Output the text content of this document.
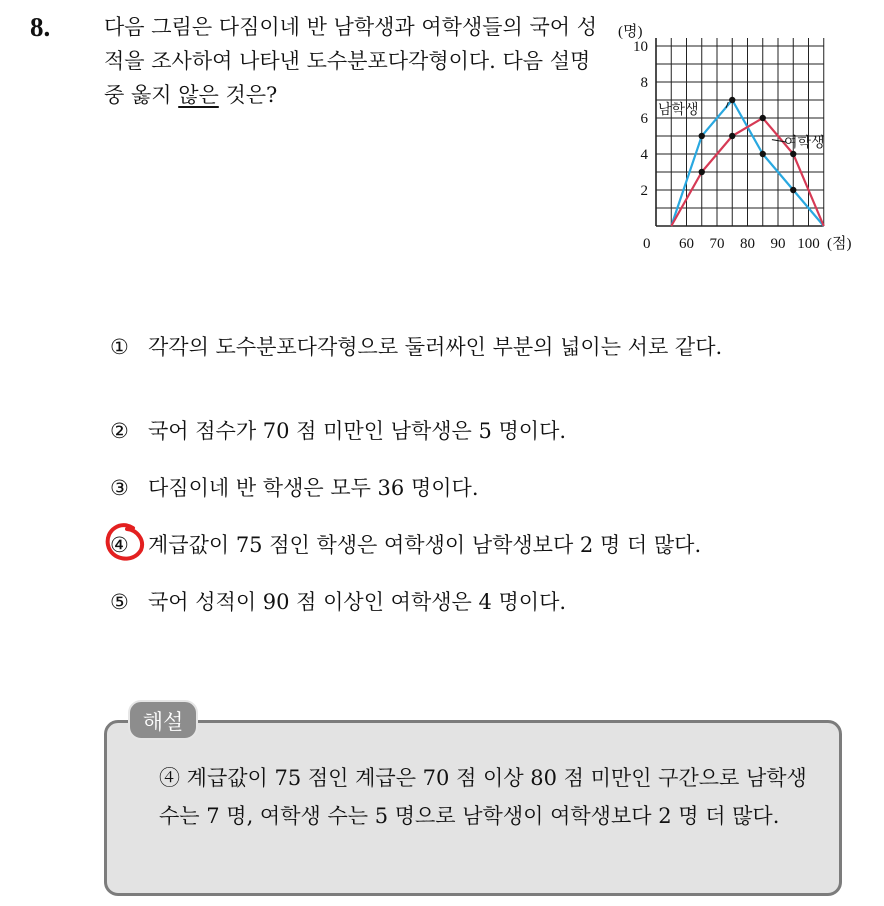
8.	다음 그림은 다짐이네 반 남학생과 여학생들의 국어 성적을 조사하여 나타낸 도수분포다각형이다. 다음 설명 중 옳지 않은 것은?

(명)
(점)
0
2
4
6
8
10
60 70 80 90 100
남학생
여학생
① 각각의 도수분포다각형으로 둘러싸인 부분의 넓이는 서로 같다.
② 국어 점수가 70 점 미만인 남학생은 5 명이다.
③ 다짐이네 반 학생은 모두 36 명이다.
④ 계급값이 75 점인 학생은 여학생이 남학생보다 2 명 더 많다.
⑤ 국어 성적이 90 점 이상인 여학생은 4 명이다.
해설

④ 계급값이 75 점인 계급은 70 점 이상 80 점 미만인 구간으로 남학생 수는 7 명, 여학생 수는 5 명으로 남학생이 여학생보다 2 명 더 많다.
